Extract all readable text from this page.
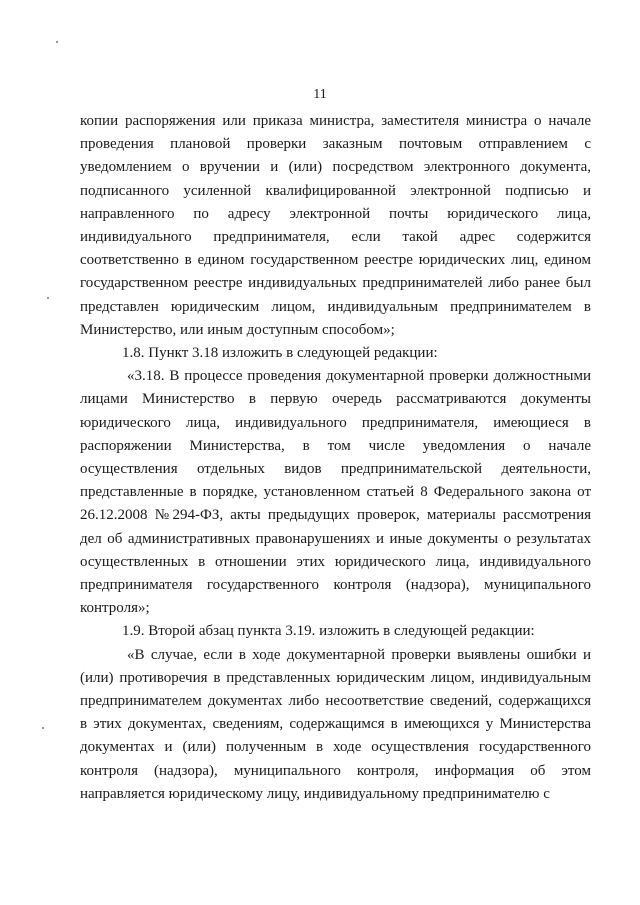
11
копии распоряжения или приказа министра, заместителя министра о начале
проведения плановой проверки заказным почтовым отправлением с
уведомлением о вручении и (или) посредством электронного документа,
подписанного усиленной квалифицированной электронной подписью и
направленного по адресу электронной почты юридического лица,
индивидуального предпринимателя, если такой адрес содержится
соответственно в едином государственном реестре юридических лиц, едином
государственном реестре индивидуальных предпринимателей либо ранее был
представлен юридическим лицом, индивидуальным предпринимателем в
Министерство, или иным доступным способом»;
1.8. Пункт 3.18 изложить в следующей редакции:
«3.18. В процессе проведения документарной проверки должностными
лицами Министерство в первую очередь рассматриваются документы
юридического лица, индивидуального предпринимателя, имеющиеся в
распоряжении Министерства, в том числе уведомления о начале
осуществления отдельных видов предпринимательской деятельности,
представленные в порядке, установленном статьей 8 Федерального закона от
26.12.2008 №294-ФЗ, акты предыдущих проверок, материалы рассмотрения
дел об административных правонарушениях и иные документы о результатах
осуществленных в отношении этих юридического лица, индивидуального
предпринимателя государственного контроля (надзора), муниципального
контроля»;
1.9. Второй абзац пункта 3.19. изложить в следующей редакции:
«В случае, если в ходе документарной проверки выявлены ошибки и
(или) противоречия в представленных юридическим лицом, индивидуальным
предпринимателем документах либо несоответствие сведений, содержащихся
в этих документах, сведениям, содержащимся в имеющихся у Министерства
документах и (или) полученным в ходе осуществления государственного
контроля (надзора), муниципального контроля, информация об этом
направляется юридическому лицу, индивидуальному предпринимателю с
